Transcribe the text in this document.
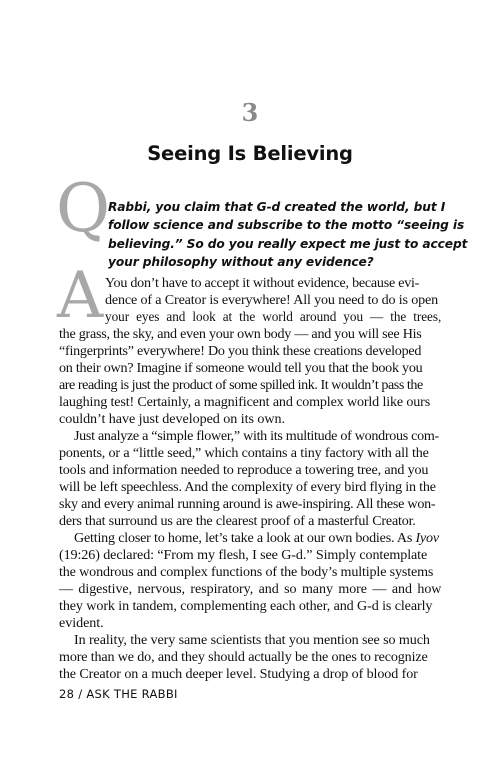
3
Seeing Is Believing
Q
Rabbi, you claim that G-d created the world, but I
follow science and subscribe to the motto “seeing is
believing.” So do you really expect me just to accept
your philosophy without any evidence?
A You don’t have to accept it without evidence, because evi-
dence of a Creator is everywhere! All you need to do is open
your eyes and look at the world around you — the trees,
the grass, the sky, and even your own body — and you will see His
“fingerprints” everywhere! Do you think these creations developed
on their own? Imagine if someone would tell you that the book you
are reading is just the product of some spilled ink. It wouldn’t pass the
laughing test! Certainly, a magnificent and complex world like ours
couldn’t have just developed on its own.
Just analyze a “simple flower,” with its multitude of wondrous com-
ponents, or a “little seed,” which contains a tiny factory with all the
tools and information needed to reproduce a towering tree, and you
will be left speechless. And the complexity of every bird flying in the
sky and every animal running around is awe-inspiring. All these won-
ders that surround us are the clearest proof of a masterful Creator.
Getting closer to home, let’s take a look at our own bodies. As Iyov
(19:26) declared: “From my flesh, I see G-d.” Simply contemplate
the wondrous and complex functions of the body’s multiple systems
— digestive, nervous, respiratory, and so many more — and how
they work in tandem, complementing each other, and G-d is clearly
evident.
In reality, the very same scientists that you mention see so much
more than we do, and they should actually be the ones to recognize
the Creator on a much deeper level. Studying a drop of blood for
28 / ASK THE RABBI
